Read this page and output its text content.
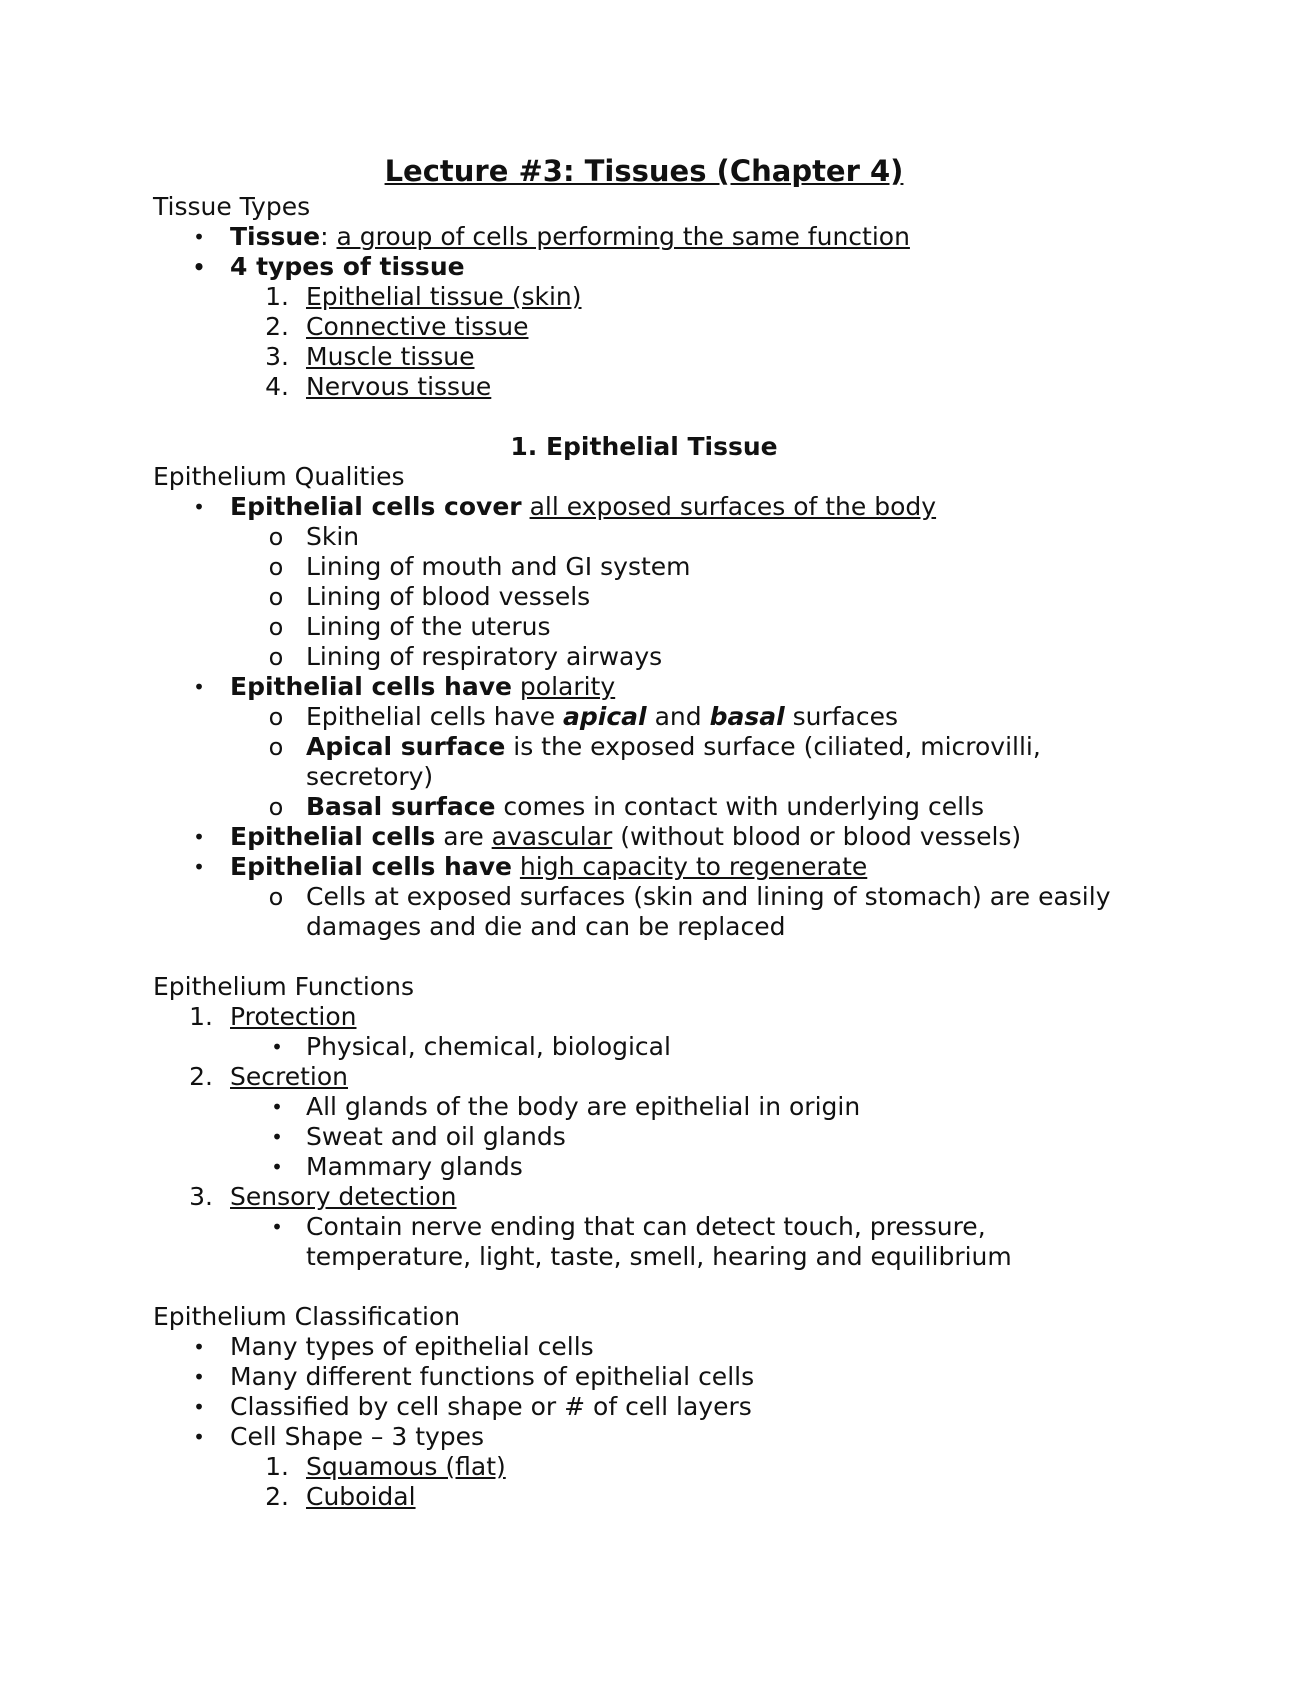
Lecture #3: Tissues (Chapter 4)
Tissue Types
• Tissue: a group of cells performing the same function
• 4 types of tissue
1. Epithelial tissue (skin)
2. Connective tissue
3. Muscle tissue
4. Nervous tissue
1. Epithelial Tissue
Epithelium Qualities
• Epithelial cells cover all exposed surfaces of the body
o Skin
o Lining of mouth and GI system
o Lining of blood vessels
o Lining of the uterus
o Lining of respiratory airways
• Epithelial cells have polarity
o Epithelial cells have apical and basal surfaces
o Apical surface is the exposed surface (ciliated, microvilli,
secretory)
o Basal surface comes in contact with underlying cells
• Epithelial cells are avascular (without blood or blood vessels)
• Epithelial cells have high capacity to regenerate
o Cells at exposed surfaces (skin and lining of stomach) are easily
damages and die and can be replaced
Epithelium Functions
1. Protection
• Physical, chemical, biological
2. Secretion
• All glands of the body are epithelial in origin
• Sweat and oil glands
• Mammary glands
3. Sensory detection
• Contain nerve ending that can detect touch, pressure,
temperature, light, taste, smell, hearing and equilibrium
Epithelium Classification
• Many types of epithelial cells
• Many different functions of epithelial cells
• Classified by cell shape or # of cell layers
• Cell Shape – 3 types
1. Squamous (flat)
2. Cuboidal
